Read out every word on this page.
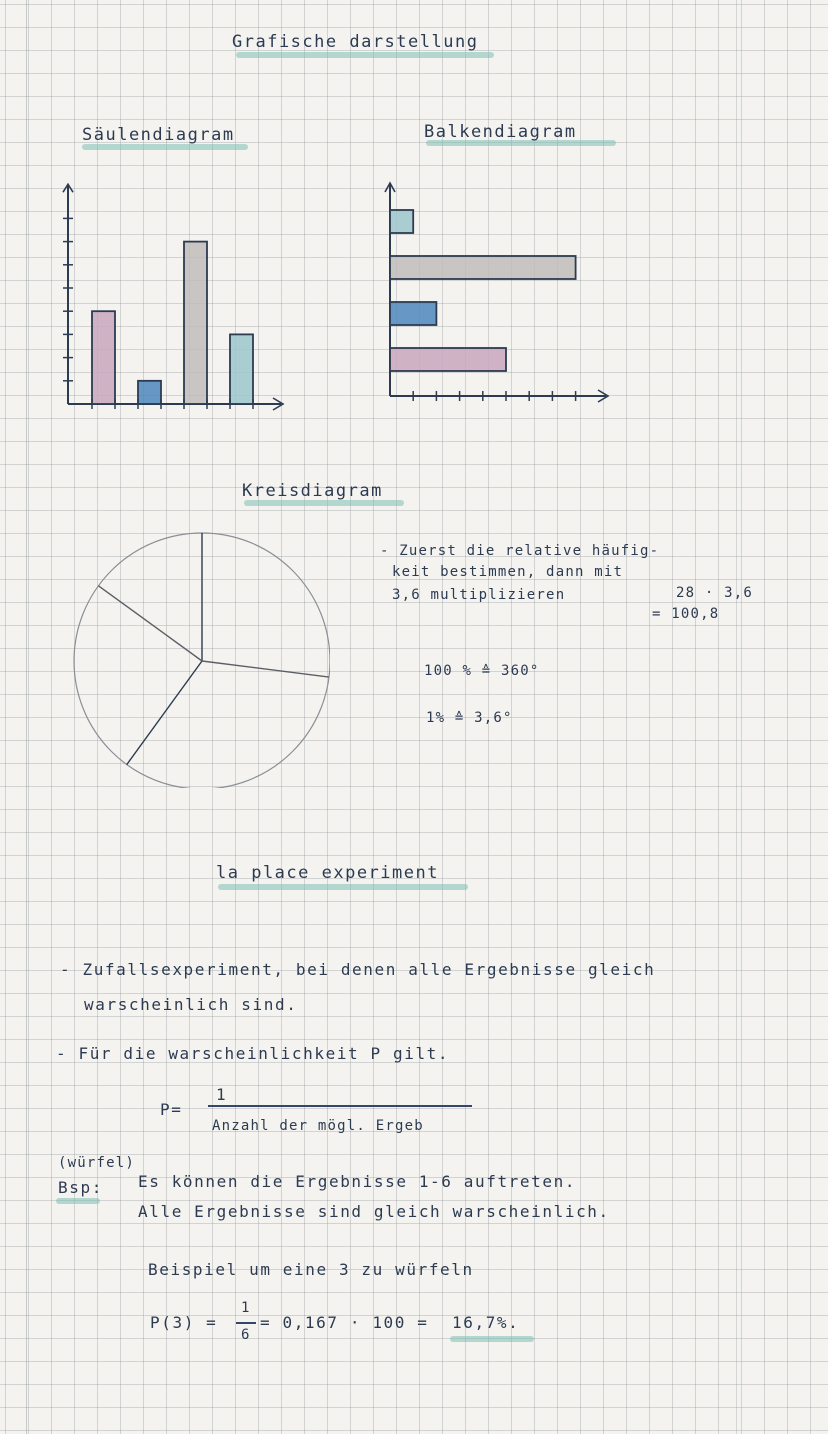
Grafische darstellung
Säulendiagram	Balkendiagram
Kreisdiagram
- Zuerst die relative häufig-
keit bestimmen, dann mit
3,6 multiplizieren	28 · 3,6
= 100,8
100 % ≙ 360°
1% ≙ 3,6°
la place experiment
- Zufallsexperiment, bei denen alle Ergebnisse gleich
warscheinlich sind.
- Für die warscheinlichkeit P gilt.
P=
1
Anzahl der mögl. Ergeb
(würfel)
Bsp: Es können die Ergebnisse 1-6 auftreten.
Alle Ergebnisse sind gleich warscheinlich.
Beispiel um eine 3 zu würfeln
P(3) =
1
6
= 0,167 · 100 = 16,7%.
